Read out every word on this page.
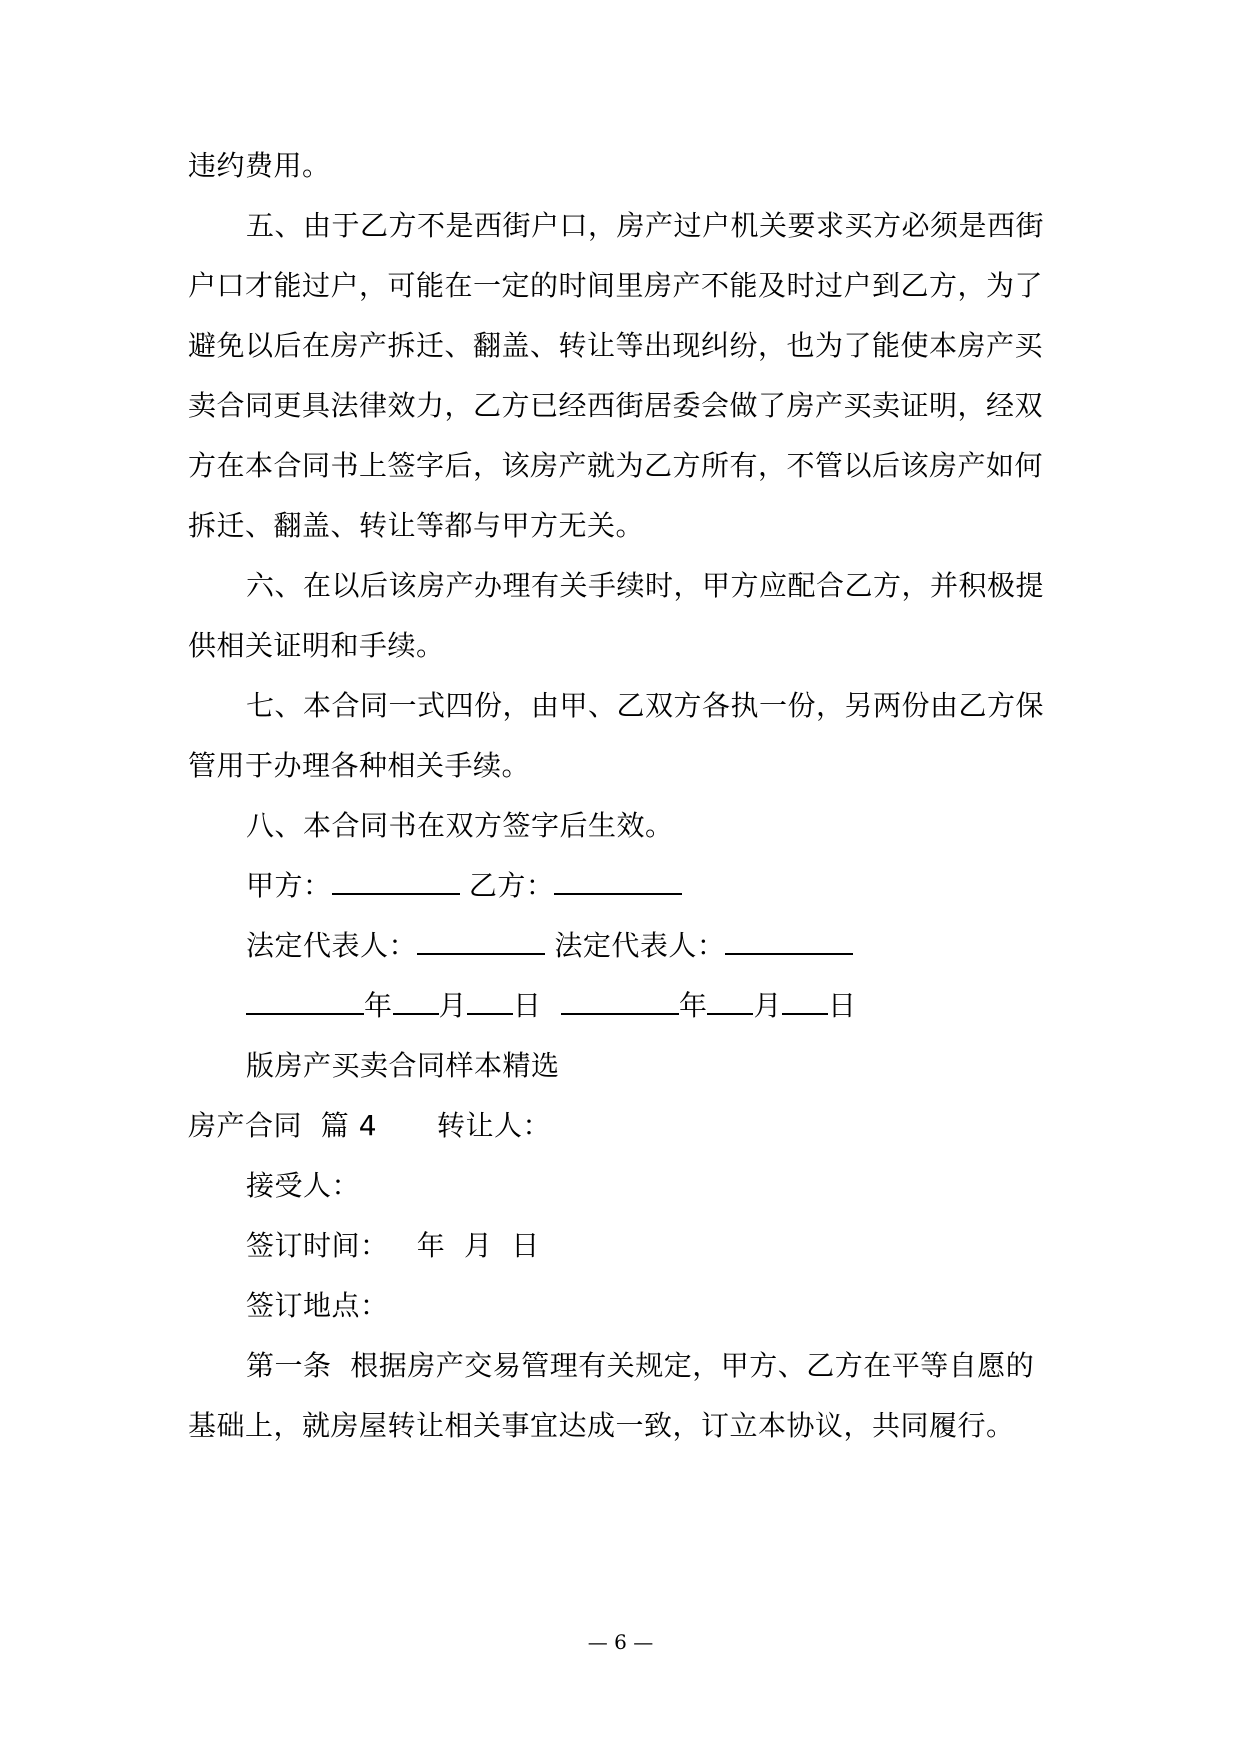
违约费用。
五、由于乙方不是西街户口，房产过户机关要求买方必须是西街
户口才能过户，可能在一定的时间里房产不能及时过户到乙方，为了
避免以后在房产拆迁、翻盖、转让等出现纠纷，也为了能使本房产买
卖合同更具法律效力，乙方已经西街居委会做了房产买卖证明，经双
方在本合同书上签字后，该房产就为乙方所有，不管以后该房产如何
拆迁、翻盖、转让等都与甲方无关。
六、在以后该房产办理有关手续时，甲方应配合乙方，并积极提
供相关证明和手续。
七、本合同一式四份，由甲、乙双方各执一份，另两份由乙方保
管用于办理各种相关手续。
八、本合同书在双方签字后生效。
甲方：	乙方：
法定代表人：	法定代表人：
年 月 日	年 月 日
版房产买卖合同样本精选
房产合同  篇 4 转让人：
接受人：
签订时间：   年  月  日
签订地点：
第一条  根据房产交易管理有关规定，甲方、乙方在平等自愿的
基础上，就房屋转让相关事宜达成一致，订立本协议，共同履行。
— 6 —
